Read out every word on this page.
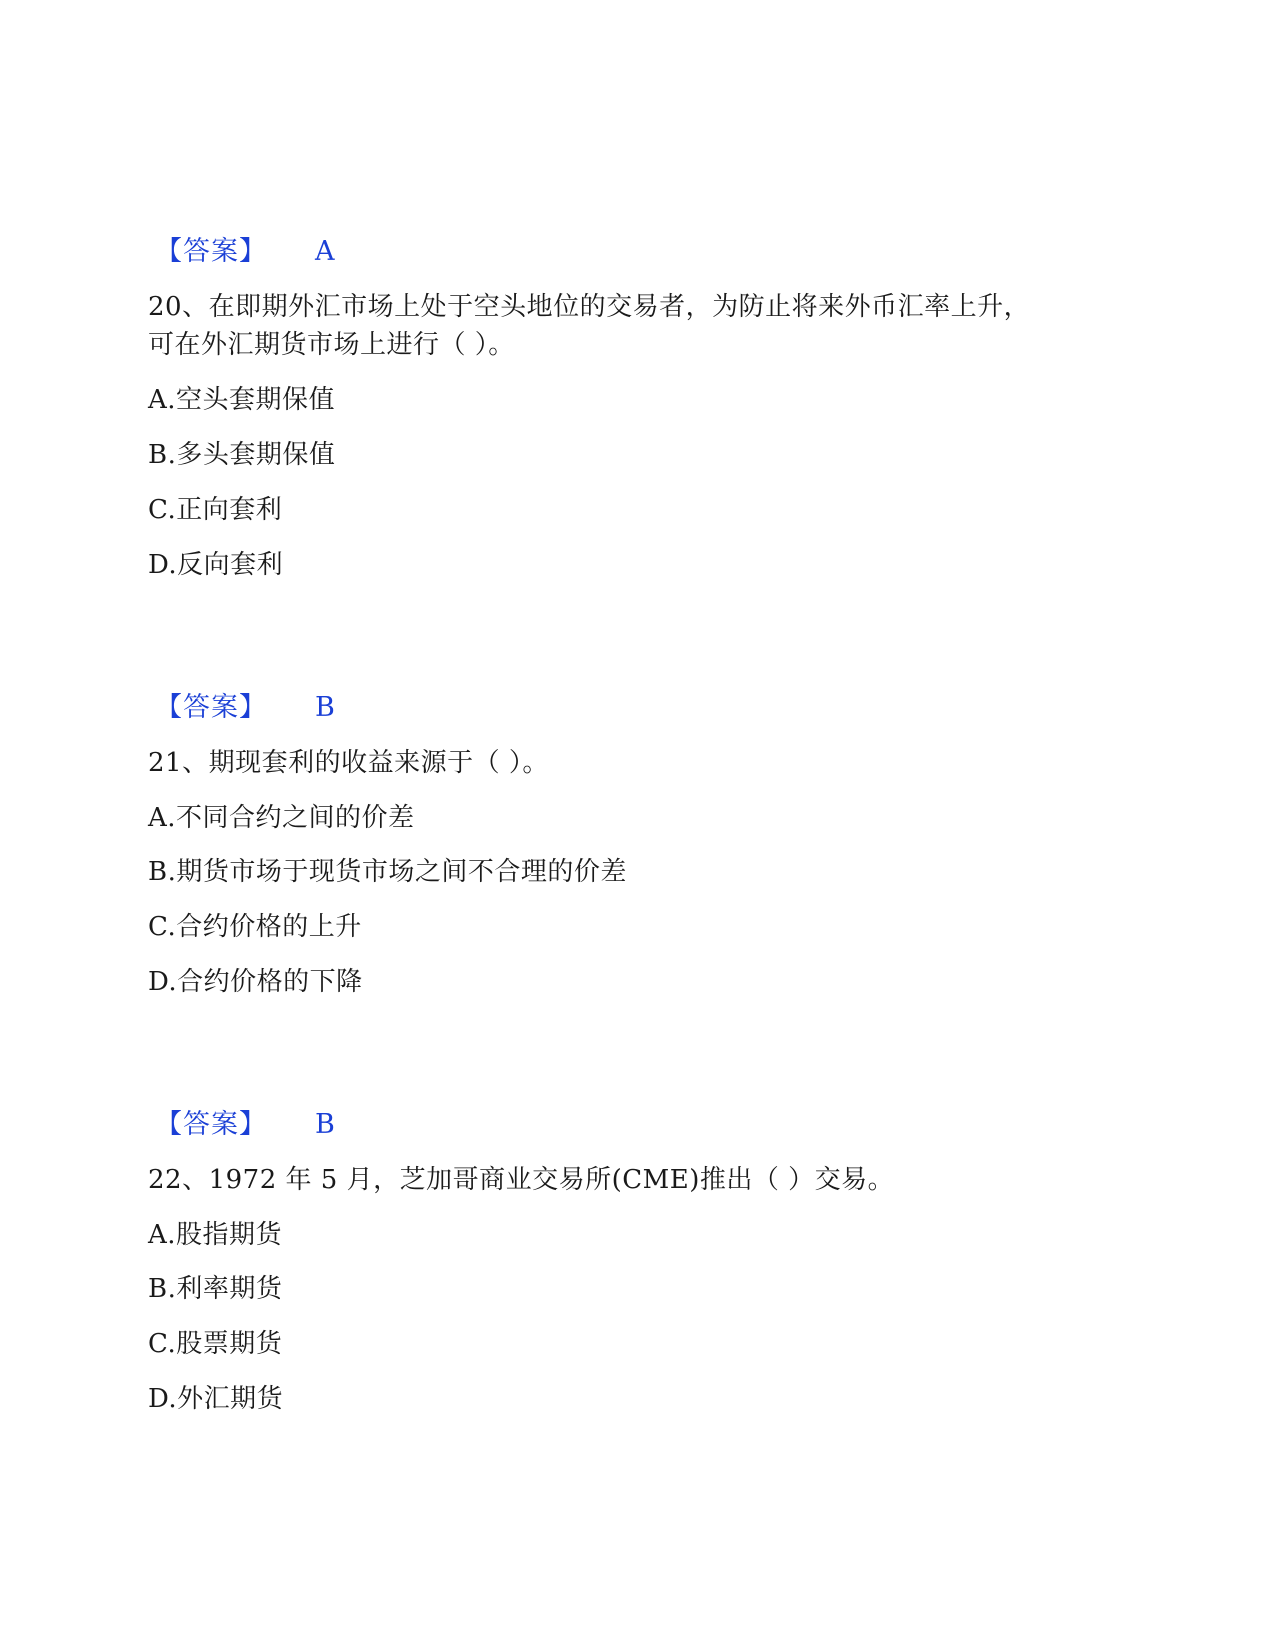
【答案】 A
20、在即期外汇市场上处于空头地位的交易者，为防止将来外币汇率上升，
可在外汇期货市场上进行（ ）。
A.空头套期保值
B.多头套期保值
C.正向套利
D.反向套利
【答案】 B
21、期现套利的收益来源于（ ）。
A.不同合约之间的价差
B.期货市场于现货市场之间不合理的价差
C.合约价格的上升
D.合约价格的下降
【答案】 B
22、1972 年 5 月，芝加哥商业交易所(CME)推出（ ）交易。
A.股指期货
B.利率期货
C.股票期货
D.外汇期货
